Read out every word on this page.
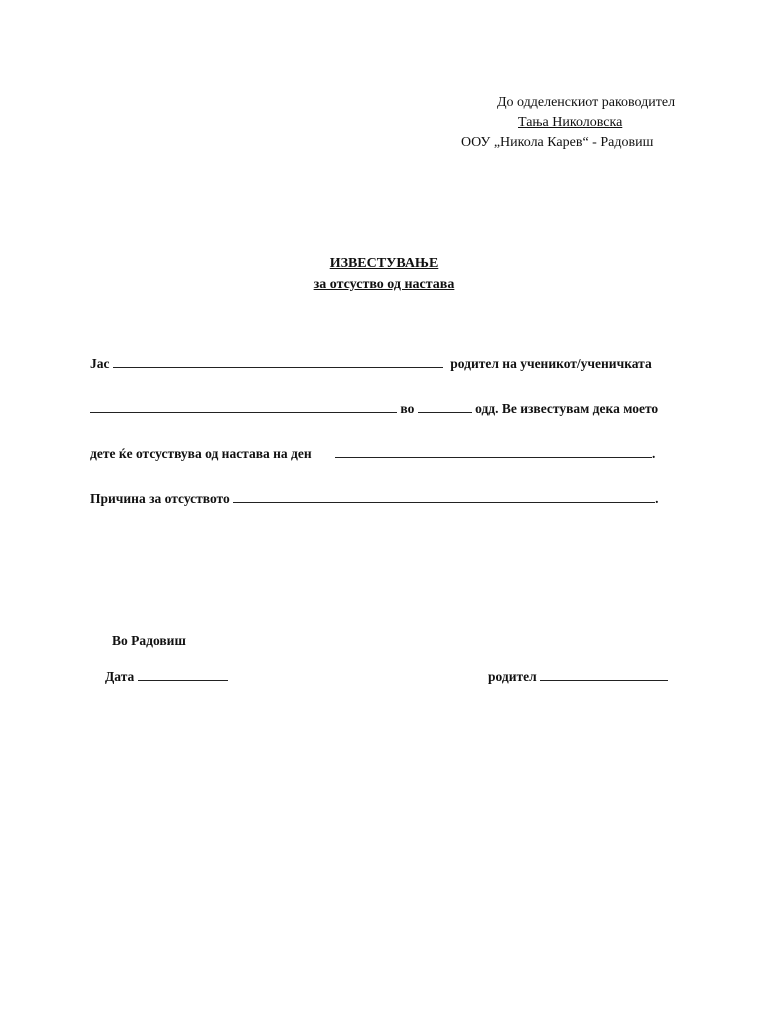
До одделенскиот раководител
Тања Николовска
ООУ „Никола Карев“ - Радовиш
ИЗВЕСТУВАЊЕ
за отсуство од настава
Јас	родител на ученикот/ученичката
во	одд. Ве известувам дека моето
дете ќе отсуствува од настава на ден	.
Причина за отсуството	.
Во Радовиш
Дата	родител
